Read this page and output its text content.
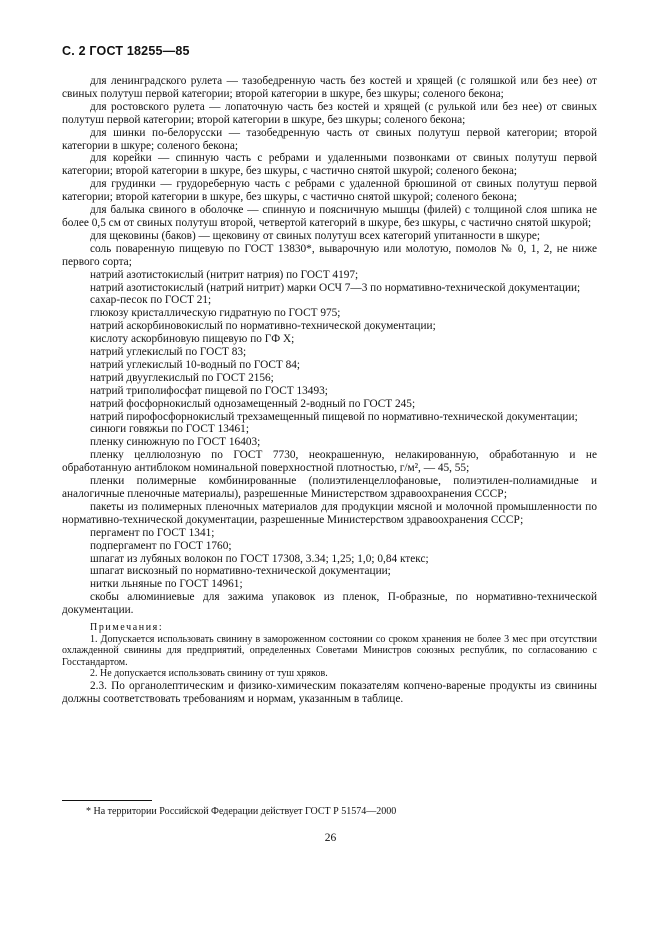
С. 2 ГОСТ 18255—85

для ленинградского рулета — тазобедренную часть без костей и хрящей (с голяшкой или без нее) от свиных полутуш первой категории; второй категории в шкуре, без шкуры; соленого бекона;

для ростовского рулета — лопаточную часть без костей и хрящей (с рулькой или без нее) от свиных полутуш первой категории; второй категории в шкуре, без шкуры; соленого бекона;

для шинки по-белорусски — тазобедренную часть от свиных полутуш первой категории; второй категории в шкуре; соленого бекона;

для корейки — спинную часть с ребрами и удаленными позвонками от свиных полутуш первой категории; второй категории в шкуре, без шкуры, с частично снятой шкурой; соленого бекона;

для грудинки — грудореберную часть с ребрами с удаленной брюшиной от свиных полутуш первой категории; второй категории в шкуре, без шкуры, с частично снятой шкурой; соленого бекона;

для балыка свиного в оболочке — спинную и поясничную мышцы (филей) с толщиной слоя шпика не более 0,5 см от свиных полутуш второй, четвертой категорий в шкуре, без шкуры, с частично снятой шкурой;

для щековины (баков) — щековину от свиных полутуш всех категорий упитанности в шкуре;

соль поваренную пищевую по ГОСТ 13830*, выварочную или молотую, помолов № 0, 1, 2, не ниже первого сорта;

натрий азотистокислый (нитрит натрия) по ГОСТ 4197;

натрий азотистокислый (натрий нитрит) марки ОСЧ 7—3 по нормативно-технической документации;

сахар-песок по ГОСТ 21;

глюкозу кристаллическую гидратную по ГОСТ 975;

натрий аскорбиновокислый по нормативно-технической документации;

кислоту аскорбиновую пищевую по ГФ X;

натрий углекислый по ГОСТ 83;

натрий углекислый 10-водный по ГОСТ 84;

натрий двууглекислый по ГОСТ 2156;

натрий триполифосфат пищевой по ГОСТ 13493;

натрий фосфорнокислый однозамещенный 2-водный по ГОСТ 245;

натрий пирофосфорнокислый трехзамещенный пищевой по нормативно-технической документации;

синюги говяжьи по ГОСТ 13461;

пленку синюжную по ГОСТ 16403;

пленку целлюлозную по ГОСТ 7730, неокрашенную, нелакированную, обработанную и не обработанную антиблоком номинальной поверхностной плотностью, г/м², — 45, 55;

пленки полимерные комбинированные (полиэтиленцеллофановые, полиэтилен-полиамидные и аналогичные пленочные материалы), разрешенные Министерством здравоохранения СССР;

пакеты из полимерных пленочных материалов для продукции мясной и молочной промышленности по нормативно-технической документации, разрешенные Министерством здравоохранения СССР;

пергамент по ГОСТ 1341;

подпергамент по ГОСТ 1760;

шпагат из лубяных волокон по ГОСТ 17308, 3.34; 1,25; 1,0; 0,84 ктекс;

шпагат вискозный по нормативно-технической документации;

нитки льняные по ГОСТ 14961;

скобы алюминиевые для зажима упаковок из пленок, П-образные, по нормативно-технической документации.

Примечания:

1. Допускается использовать свинину в замороженном состоянии со сроком хранения не более 3 мес при отсутствии охлажденной свинины для предприятий, определенных Советами Министров союзных республик, по согласованию с Госстандартом.

2. Не допускается использовать свинину от туш хряков.

2.3. По органолептическим и физико-химическим показателям копчено-вареные продукты из свинины должны соответствовать требованиям и нормам, указанным в таблице.

* На территории Российской Федерации действует ГОСТ Р 51574—2000
26
